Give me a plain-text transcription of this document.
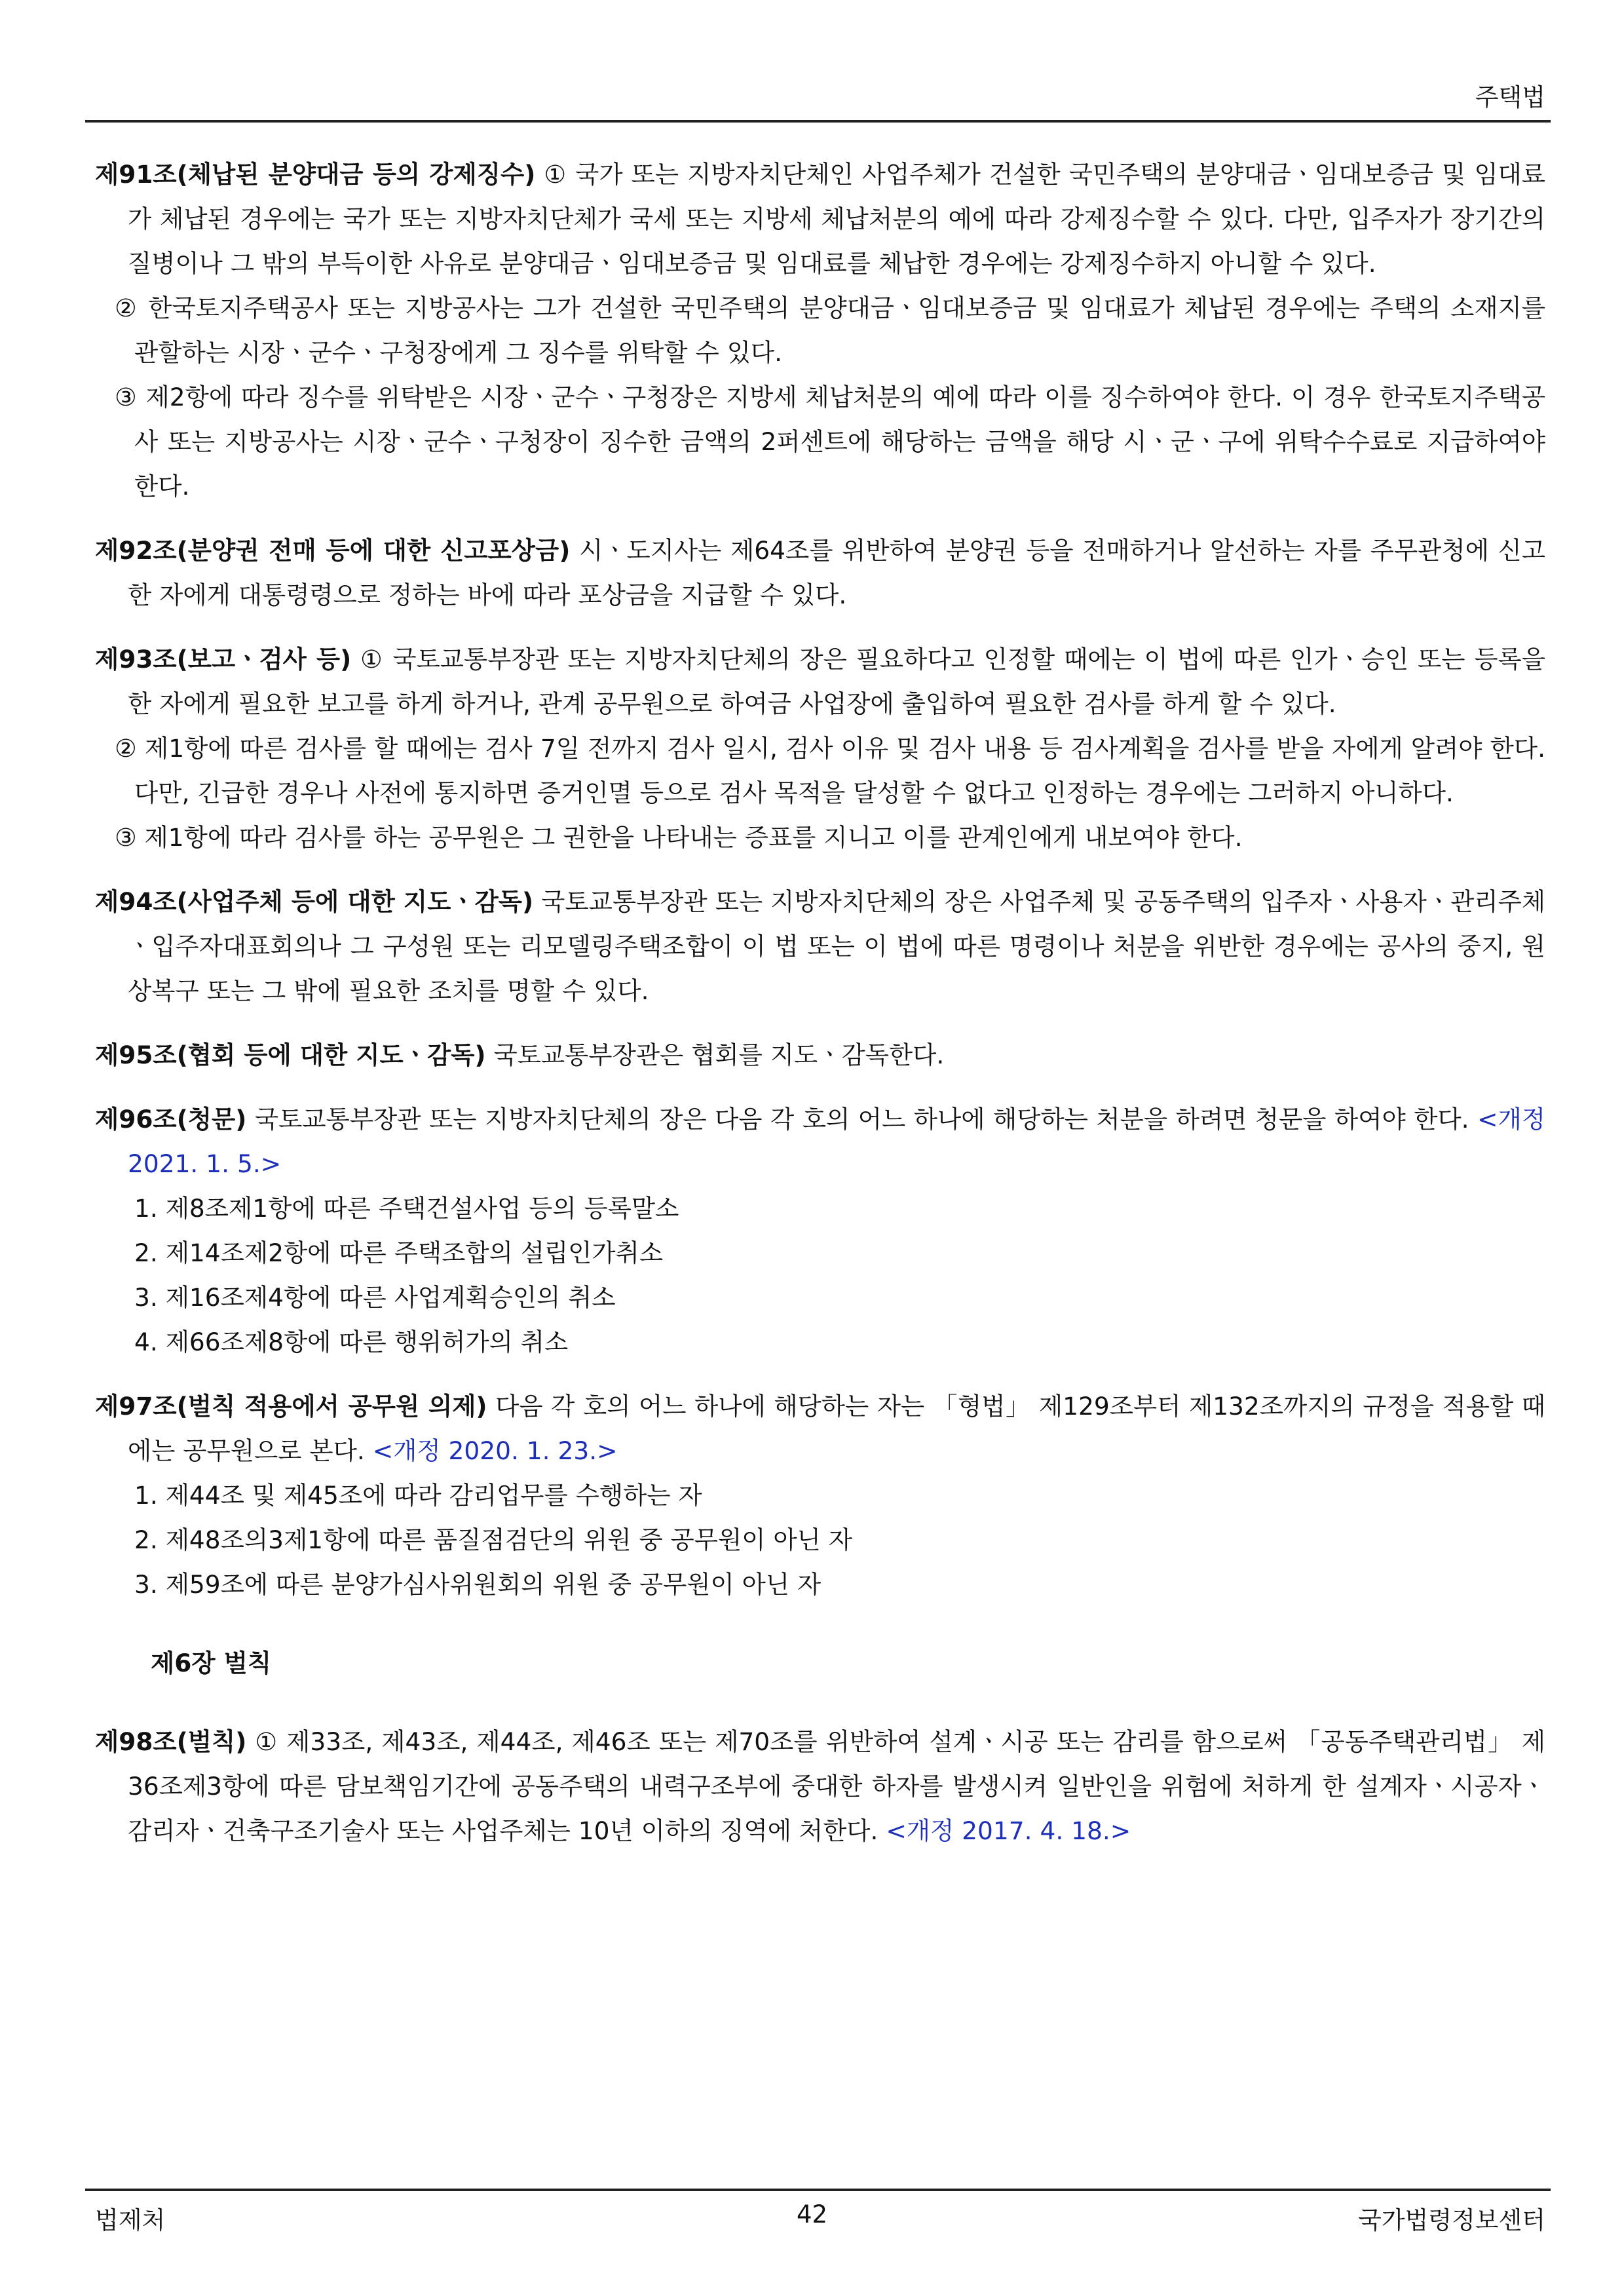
주택법
제91조(체납된 분양대금 등의 강제징수) ① 국가 또는 지방자치단체인 사업주체가 건설한 국민주택의 분양대금ㆍ임대보증금 및 임대료가 체납된 경우에는 국가 또는 지방자치단체가 국세 또는 지방세 체납처분의 예에 따라 강제징수할 수 있다. 다만, 입주자가 장기간의 질병이나 그 밖의 부득이한 사유로 분양대금ㆍ임대보증금 및 임대료를 체납한 경우에는 강제징수하지 아니할 수 있다.
② 한국토지주택공사 또는 지방공사는 그가 건설한 국민주택의 분양대금ㆍ임대보증금 및 임대료가 체납된 경우에는 주택의 소재지를 관할하는 시장ㆍ군수ㆍ구청장에게 그 징수를 위탁할 수 있다.
③ 제2항에 따라 징수를 위탁받은 시장ㆍ군수ㆍ구청장은 지방세 체납처분의 예에 따라 이를 징수하여야 한다. 이 경우 한국토지주택공사 또는 지방공사는 시장ㆍ군수ㆍ구청장이 징수한 금액의 2퍼센트에 해당하는 금액을 해당 시ㆍ군ㆍ구에 위탁수수료로 지급하여야 한다.
제92조(분양권 전매 등에 대한 신고포상금) 시ㆍ도지사는 제64조를 위반하여 분양권 등을 전매하거나 알선하는 자를 주무관청에 신고한 자에게 대통령령으로 정하는 바에 따라 포상금을 지급할 수 있다.
제93조(보고ㆍ검사 등) ① 국토교통부장관 또는 지방자치단체의 장은 필요하다고 인정할 때에는 이 법에 따른 인가ㆍ승인 또는 등록을 한 자에게 필요한 보고를 하게 하거나, 관계 공무원으로 하여금 사업장에 출입하여 필요한 검사를 하게 할 수 있다.
② 제1항에 따른 검사를 할 때에는 검사 7일 전까지 검사 일시, 검사 이유 및 검사 내용 등 검사계획을 검사를 받을 자에게 알려야 한다. 다만, 긴급한 경우나 사전에 통지하면 증거인멸 등으로 검사 목적을 달성할 수 없다고 인정하는 경우에는 그러하지 아니하다.
③ 제1항에 따라 검사를 하는 공무원은 그 권한을 나타내는 증표를 지니고 이를 관계인에게 내보여야 한다.
제94조(사업주체 등에 대한 지도ㆍ감독) 국토교통부장관 또는 지방자치단체의 장은 사업주체 및 공동주택의 입주자ㆍ사용자ㆍ관리주체ㆍ입주자대표회의나 그 구성원 또는 리모델링주택조합이 이 법 또는 이 법에 따른 명령이나 처분을 위반한 경우에는 공사의 중지, 원상복구 또는 그 밖에 필요한 조치를 명할 수 있다.
제95조(협회 등에 대한 지도ㆍ감독) 국토교통부장관은 협회를 지도ㆍ감독한다.
제96조(청문) 국토교통부장관 또는 지방자치단체의 장은 다음 각 호의 어느 하나에 해당하는 처분을 하려면 청문을 하여야 한다. <개정 2021. 1. 5.>
1. 제8조제1항에 따른 주택건설사업 등의 등록말소
2. 제14조제2항에 따른 주택조합의 설립인가취소
3. 제16조제4항에 따른 사업계획승인의 취소
4. 제66조제8항에 따른 행위허가의 취소
제97조(벌칙 적용에서 공무원 의제) 다음 각 호의 어느 하나에 해당하는 자는 「형법」 제129조부터 제132조까지의 규정을 적용할 때에는 공무원으로 본다. <개정 2020. 1. 23.>
1. 제44조 및 제45조에 따라 감리업무를 수행하는 자
2. 제48조의3제1항에 따른 품질점검단의 위원 중 공무원이 아닌 자
3. 제59조에 따른 분양가심사위원회의 위원 중 공무원이 아닌 자
제6장 벌칙
제98조(벌칙) ① 제33조, 제43조, 제44조, 제46조 또는 제70조를 위반하여 설계ㆍ시공 또는 감리를 함으로써 「공동주택관리법」 제36조제3항에 따른 담보책임기간에 공동주택의 내력구조부에 중대한 하자를 발생시켜 일반인을 위험에 처하게 한 설계자ㆍ시공자ㆍ감리자ㆍ건축구조기술사 또는 사업주체는 10년 이하의 징역에 처한다. <개정 2017. 4. 18.>
42
법제처	국가법령정보센터
